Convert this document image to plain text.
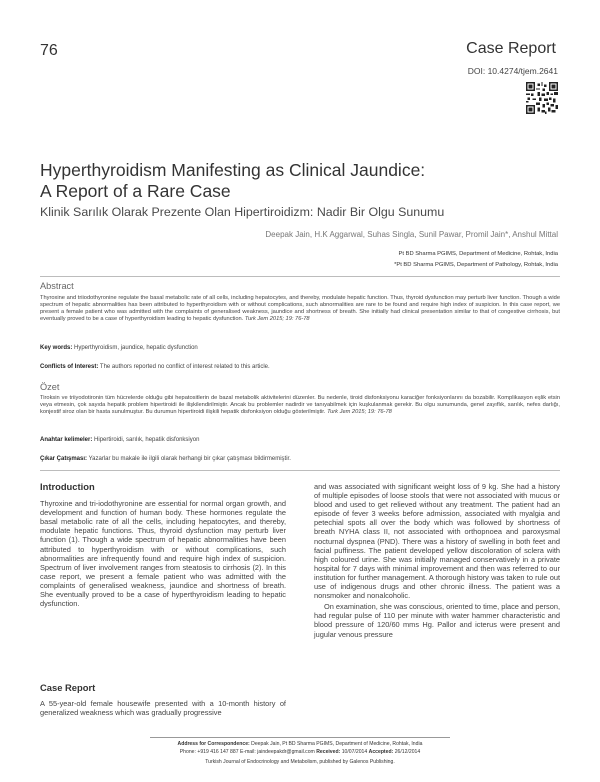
76	Case Report
DOI: 10.4274/tjem.2641
Hyperthyroidism Manifesting as Clinical Jaundice:
A Report of a Rare Case
Klinik Sarılık Olarak Prezente Olan Hipertiroidizm: Nadir Bir Olgu Sunumu
Deepak Jain, H.K Aggarwal, Suhas Singla, Sunil Pawar, Promil Jain*, Anshul Mittal
Pt BD Sharma PGIMS, Department of Medicine, Rohtak, India
*Pt BD Sharma PGIMS, Department of Pathology, Rohtak, India
Abstract
Thyroxine and triiodothyronine regulate the basal metabolic rate of all cells, including hepatocytes, and thereby, modulate hepatic function. Thus, thyroid dysfunction may perturb liver function. Though a wide spectrum of hepatic abnormalities has been attributed to hyperthyroidism with or without complications, such abnormalities are rare to be found and require high index of suspicion. In this case report, we present a female patient who was admitted with the complaints of generalised weakness, jaundice and shortness of breath. She initially had clinical presentation similar to that of congestive cirrhosis, but eventually proved to be a case of hyperthyroidism leading to hepatic dysfunction. Turk Jem 2015; 19: 76-78
Key words: Hyperthyroidism, jaundice, hepatic dysfunction
Conflicts of Interest: The authors reported no conflict of interest related to this article.
Özet
Tiroksin ve triiyodotironin tüm hücrelerde olduğu gibi hepatositlerin de bazal metabolik aktivitelerini düzenler. Bu nedenle, tiroid disfonksiyonu karaciğer fonksiyonlarını da bozabilir. Komplikasyon eşlik etsin veya etmesin, çok sayıda hepatik problem hipertiroidi ile ilişkilendirilmiştir. Ancak bu problemler nadirdir ve tanıyabilmek için kuşkulanmak gerekir. Bu olgu sunumunda, genel zayıflık, sarılık, nefes darlığı, konjestif siroz olan bir hasta sunulmuştur. Bu durumun hipertiroidi ilişkili hepatik disfonksiyon olduğu gösterilmiştir. Turk Jem 2015; 19: 76-78
Anahtar kelimeler: Hipertiroidi, sarılık, hepatik disfonksiyon
Çıkar Çatışması: Yazarlar bu makale ile ilgili olarak herhangi bir çıkar çatışması bildirmemiştir.
Introduction
Thyroxine and tri-iodothyronine are essential for normal organ growth, and development and function of human body. These hormones regulate the basal metabolic rate of all the cells, including hepatocytes, and thereby, modulate hepatic functions. Thus, thyroid dysfunction may perturb liver function (1). Though a wide spectrum of hepatic abnormalities have been attributed to hyperthyroidism with or without complications, such abnormalities are infrequently found and require high index of suspicion. Spectrum of liver involvement ranges from steatosis to cirrhosis (2). In this case report, we present a female patient who was admitted with the complaints of generalised weakness, jaundice and shortness of breath. She eventually proved to be a case of hyperthyroidism leading to hepatic dysfunction.
Case Report
A 55-year-old female housewife presented with a 10-month history of generalized weakness which was gradually progressive
and was associated with significant weight loss of 9 kg. She had a history of multiple episodes of loose stools that were not associated with mucus or blood and used to get relieved without any treatment. The patient had an episode of fever 3 weeks before admission, associated with myalgia and petechial spots all over the body which was followed by shortness of breath NYHA class II, not associated with orthopnoea and paroxysmal nocturnal dyspnea (PND). There was a history of swelling in both feet and facial puffiness. The patient developed yellow discoloration of sclera with high coloured urine. She was initially managed conservatively in a private hospital for 7 days with minimal improvement and then was referred to our institution for further management. A thorough history was taken to rule out use of indigenous drugs and other chronic illness. The patient was a nonsmoker and nonalcoholic.
On examination, she was conscious, oriented to time, place and person, had regular pulse of 110 per minute with water hammer characteristic and blood pressure of 120/60 mms Hg. Pallor and icterus were present and jugular venous pressure
Address for Correspondence: Deepak Jain, Pt BD Sharma PGIMS, Department of Medicine, Rohtak, India
Phone: +919 416 147 887 E-mail: jaindeepakdr@gmail.com Received: 10/07/2014 Accepted: 26/12/2014
Turkish Journal of Endocrinology and Metabolism, published by Galenos Publishing.
